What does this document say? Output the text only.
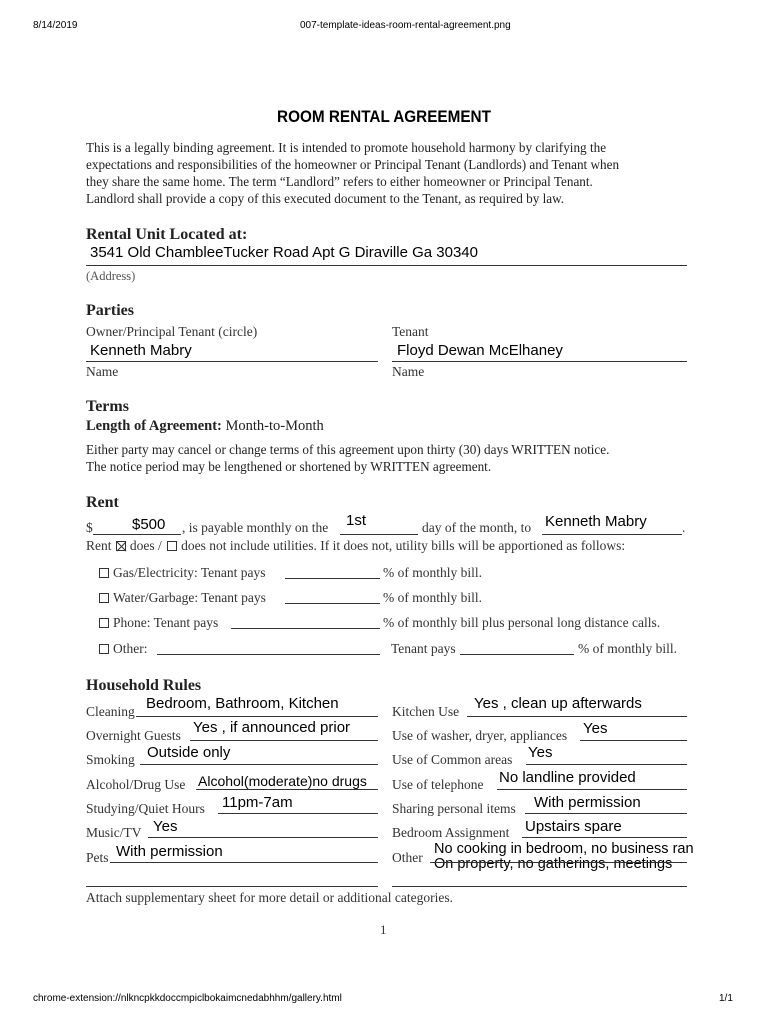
8/14/2019	007-template-ideas-room-rental-agreement.png
ROOM RENTAL AGREEMENT
This is a legally binding agreement. It is intended to promote household harmony by clarifying the
expectations and responsibilities of the homeowner or Principal Tenant (Landlords) and Tenant when
they share the same home. The term “Landlord” refers to either homeowner or Principal Tenant.
Landlord shall provide a copy of this executed document to the Tenant, as required by law.
Rental Unit Located at:
3541 Old ChambleeTucker Road Apt G Diraville Ga 30340
(Address)
Parties
Owner/Principal Tenant (circle)
Kenneth Mabry
Name
Tenant
Floyd Dewan McElhaney
Name
Terms
Length of Agreement: Month-to-Month
Either party may cancel or change terms of this agreement upon thirty (30) days WRITTEN notice.
The notice period may be lengthened or shortened by WRITTEN agreement.
Rent
$	$500 , is payable monthly on the 1st	day of the month, to Kenneth Mabry	.
Rent does / does not include utilities. If it does not, utility bills will be apportioned as follows:
Gas/Electricity: Tenant pays	% of monthly bill.
Water/Garbage: Tenant pays	% of monthly bill.
Phone: Tenant pays	% of monthly bill plus personal long distance calls.
Other:	Tenant pays	% of monthly bill.
Household Rules
Cleaning Bedroom, Bathroom, Kitchen
Overnight Guests Yes , if announced prior
Smoking Outside only
Alcohol/Drug Use Alcohol(moderate)no drugs
Studying/Quiet Hours 11pm-7am
Music/TV Yes
Pets With permission
Kitchen Use Yes , clean up afterwards
Use of washer, dryer, appliances Yes
Use of Common areas Yes
Use of telephone No landline provided
Sharing personal items With permission
Bedroom Assignment Upstairs spare
Other
No cooking in bedroom, no business ran
On property, no gatherings, meetings
Attach supplementary sheet for more detail or additional categories.
1
chrome-extension://nlkncpkkdoccmpiclbokaimcnedabhhm/gallery.html	1/1
